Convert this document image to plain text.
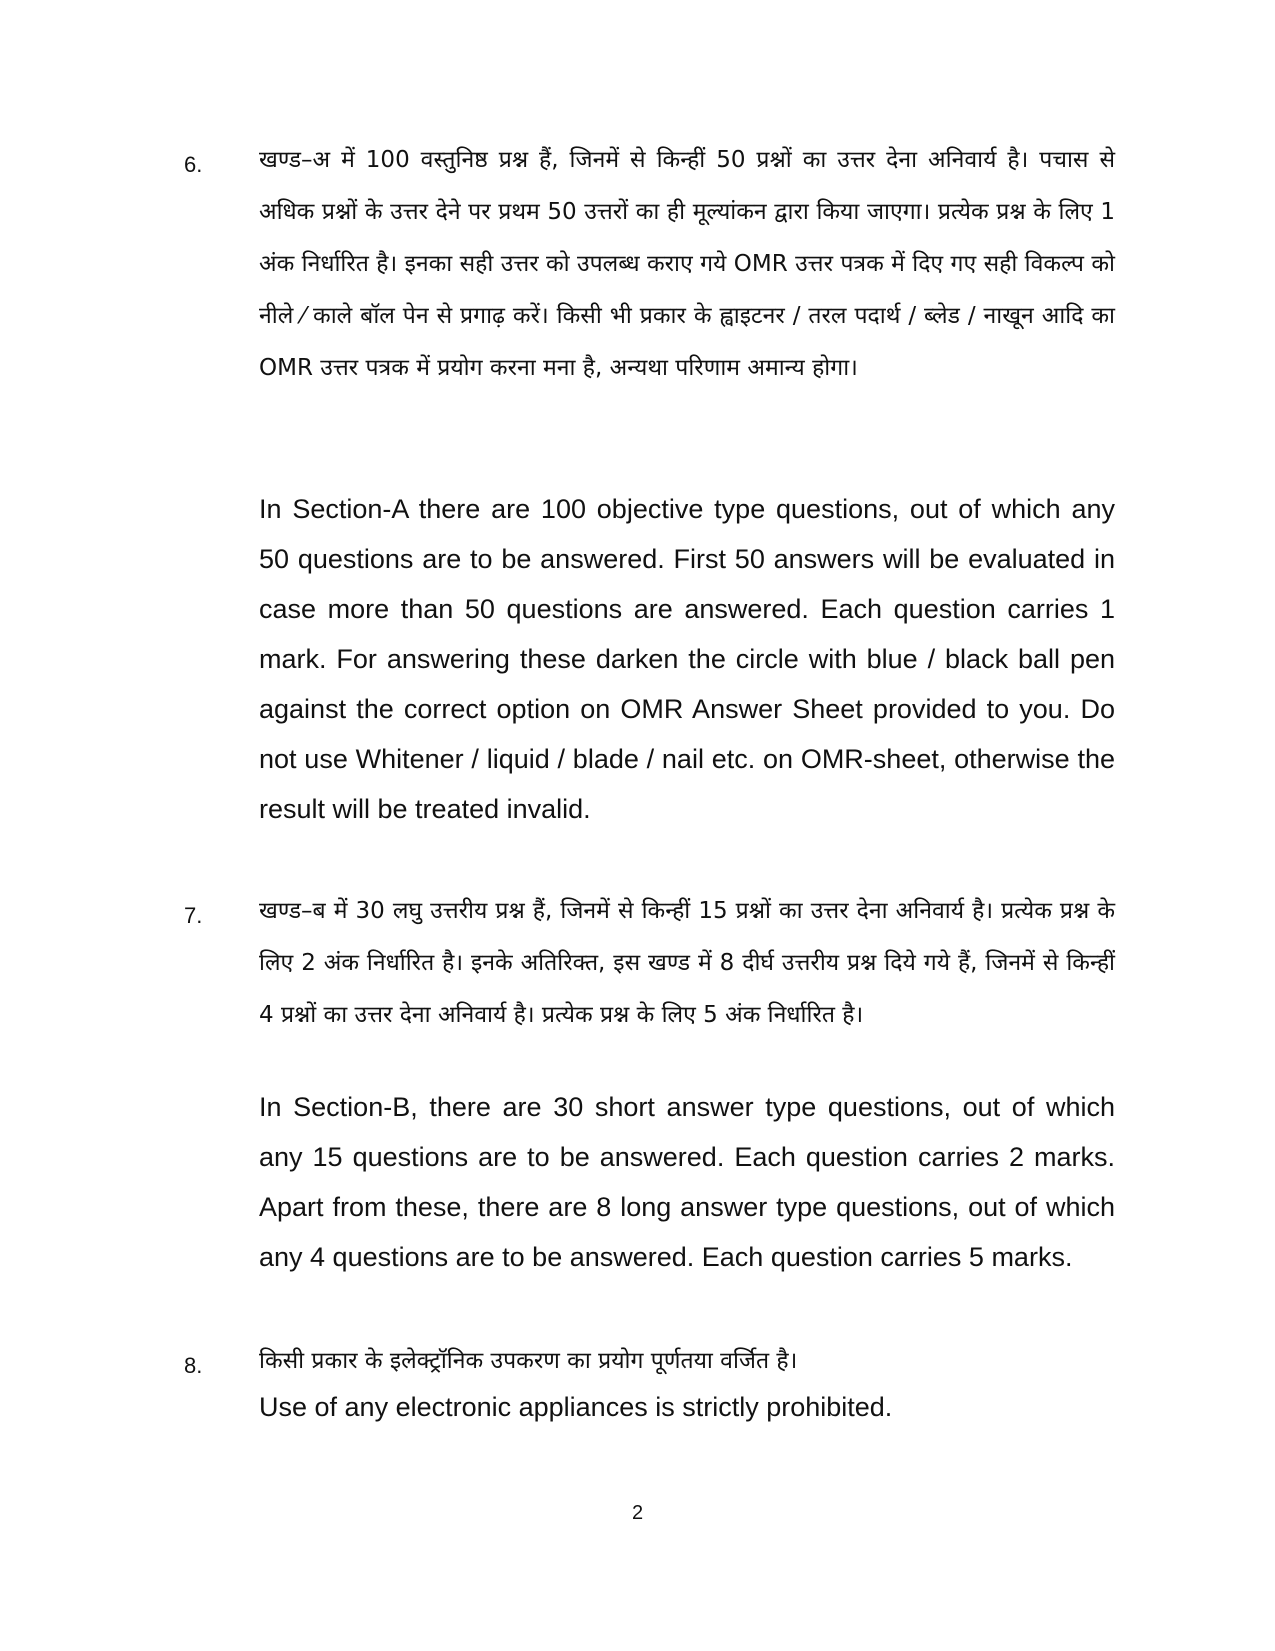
6. खण्ड–अ में 100 वस्तुनिष्ठ प्रश्न हैं, जिनमें से किन्हीं 50 प्रश्नों का उत्तर देना अनिवार्य है। पचास से अधिक प्रश्नों के उत्तर देने पर प्रथम 50 उत्तरों का ही मूल्यांकन द्वारा किया जाएगा। प्रत्येक प्रश्न के लिए 1 अंक निर्धारित है। इनका सही उत्तर को उपलब्ध कराए गये OMR उत्तर पत्रक में दिए गए सही विकल्प को नीले ⁄ काले बॉल पेन से प्रगाढ़ करें। किसी भी प्रकार के ह्वाइटनर / तरल पदार्थ / ब्लेड / नाखून आदि का OMR उत्तर पत्रक में प्रयोग करना मना है, अन्यथा परिणाम अमान्य होगा।
In Section-A there are 100 objective type questions, out of which any 50 questions are to be answered. First 50 answers will be evaluated in case more than 50 questions are answered. Each question carries 1 mark. For answering these darken the circle with blue / black ball pen against the correct option on OMR Answer Sheet provided to you. Do not use Whitener / liquid / blade / nail etc. on OMR-sheet, otherwise the result will be treated invalid.
7. खण्ड–ब में 30 लघु उत्तरीय प्रश्न हैं, जिनमें से किन्हीं 15 प्रश्नों का उत्तर देना अनिवार्य है। प्रत्येक प्रश्न के लिए 2 अंक निर्धारित है। इनके अतिरिक्त, इस खण्ड में 8 दीर्घ उत्तरीय प्रश्न दिये गये हैं, जिनमें से किन्हीं 4 प्रश्नों का उत्तर देना अनिवार्य है। प्रत्येक प्रश्न के लिए 5 अंक निर्धारित है।
In Section-B, there are 30 short answer type questions, out of which any 15 questions are to be answered. Each question carries 2 marks. Apart from these, there are 8 long answer type questions, out of which any 4 questions are to be answered. Each question carries 5 marks.
8. किसी प्रकार के इलेक्ट्रॉनिक उपकरण का प्रयोग पूर्णतया वर्जित है।
Use of any electronic appliances is strictly prohibited.
2
